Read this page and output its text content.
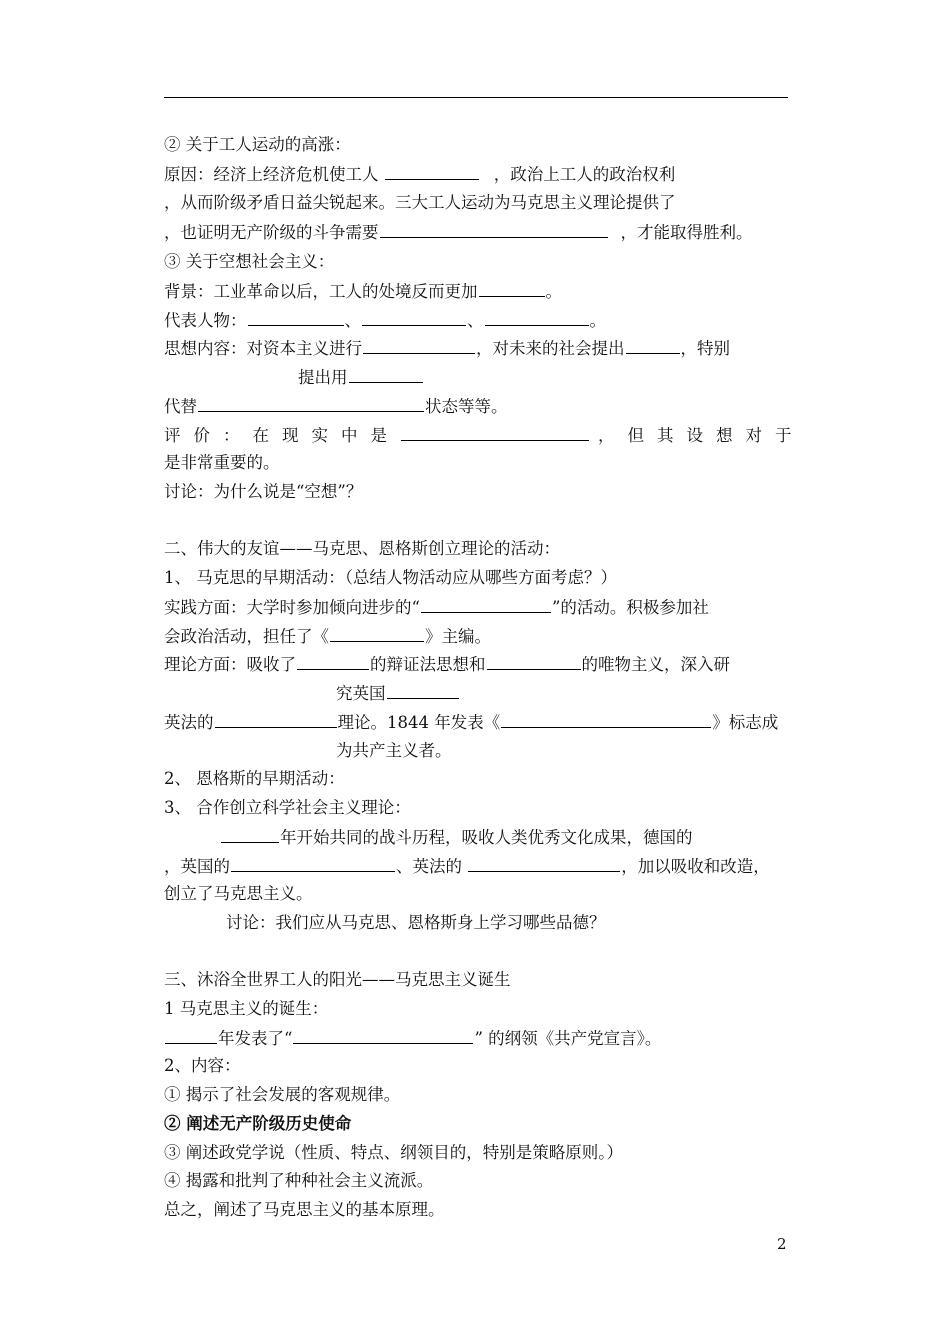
② 关于工人运动的高涨：
原因：经济上经济危机使工人	，政治上工人的政治权利
，从而阶级矛盾日益尖锐起来。三大工人运动为马克思主义理论提供了
，也证明无产阶级的斗争需要	，才能取得胜利。
③ 关于空想社会主义：
背景：工业革命以后，工人的处境反而更加	。
代表人物：	、	、	。
思想内容：对资本主义进行	，对未来的社会提出	，特别
提出用
代替	状态等等。
评价：在现实中是	，但其设想对于
是非常重要的。
讨论：为什么说是“空想”？
二、伟大的友谊——马克思、恩格斯创立理论的活动：
1、 马克思的早期活动：（总结人物活动应从哪些方面考虑？）
实践方面：大学时参加倾向进步的“	”的活动。积极参加社
会政治活动，担任了《	》主编。
理论方面：吸收了	的辩证法思想和	的唯物主义，深入研
究英国
英法的	理论。1844 年发表《	》标志成
为共产主义者。
2、 恩格斯的早期活动：
3、 合作创立科学社会主义理论：
年开始共同的战斗历程，吸收人类优秀文化成果，德国的
，英国的	、英法的	，加以吸收和改造，
创立了马克思主义。
讨论：我们应从马克思、恩格斯身上学习哪些品德？
三、沐浴全世界工人的阳光——马克思主义诞生
1 马克思主义的诞生：
年发表了“	” 的纲领《共产党宣言》。
2、内容：
① 揭示了社会发展的客观规律。
② 阐述无产阶级历史使命
③ 阐述政党学说（性质、特点、纲领目的，特别是策略原则。）
④ 揭露和批判了种种社会主义流派。
总之，阐述了马克思主义的基本原理。
2
